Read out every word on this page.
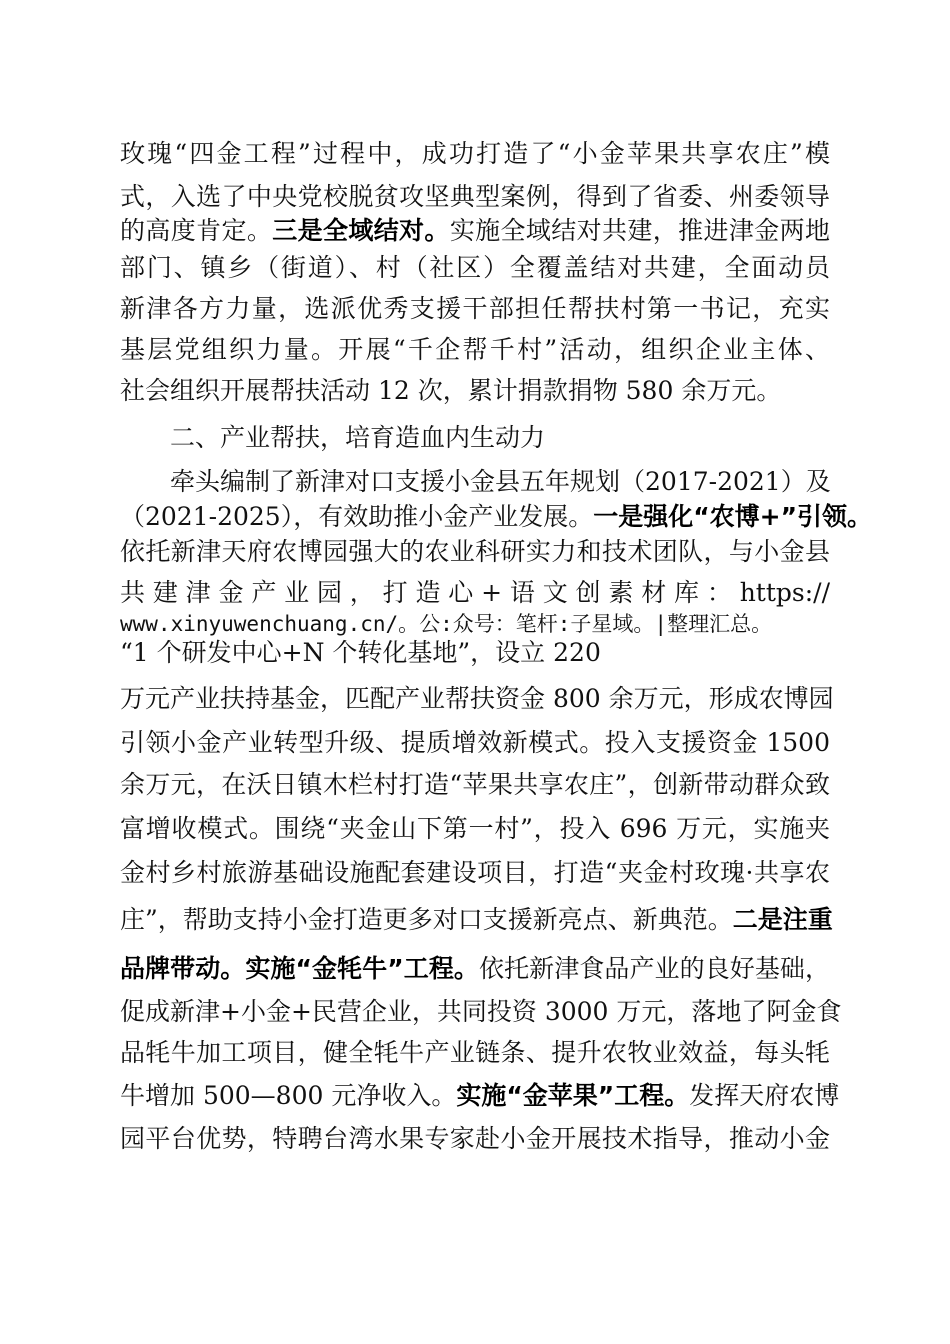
玫瑰“四金工程”过程中，成功打造了“小金苹果共享农庄”模
式，入选了中央党校脱贫攻坚典型案例，得到了省委、州委领导
的高度肯定。三是全域结对。实施全域结对共建，推进津金两地
部门、镇乡（街道）、村（社区）全覆盖结对共建，全面动员
新津各方力量，选派优秀支援干部担任帮扶村第一书记，充实
基层党组织力量。开展“千企帮千村”活动，组织企业主体、
社会组织开展帮扶活动 12 次，累计捐款捐物 580 余万元。
二、产业帮扶，培育造血内生动力
牵头编制了新津对口支援小金县五年规划（2017-2021）及
（2021-2025），有效助推小金产业发展。一是强化“农博+”引领。
依托新津天府农博园强大的农业科研实力和技术团队，与小金县
共建津金产业园，打造心+语文创素材库：https://
www.xinyuwenchuang.cn/。公:众号：笔杆:子星域。|整理汇总。
“1 个研发中心+N 个转化基地”，设立 220
万元产业扶持基金，匹配产业帮扶资金 800 余万元，形成农博园
引领小金产业转型升级、提质增效新模式。投入支援资金 1500
余万元，在沃日镇木栏村打造“苹果共享农庄”，创新带动群众致
富增收模式。围绕“夹金山下第一村”，投入 696 万元，实施夹
金村乡村旅游基础设施配套建设项目，打造“夹金村玫瑰·共享农
庄”，帮助支持小金打造更多对口支援新亮点、新典范。二是注重
品牌带动。实施“金牦牛”工程。依托新津食品产业的良好基础，
促成新津+小金+民营企业，共同投资 3000 万元，落地了阿金食
品牦牛加工项目，健全牦牛产业链条、提升农牧业效益，每头牦
牛增加 500—800 元净收入。实施“金苹果”工程。发挥天府农博
园平台优势，特聘台湾水果专家赴小金开展技术指导，推动小金
